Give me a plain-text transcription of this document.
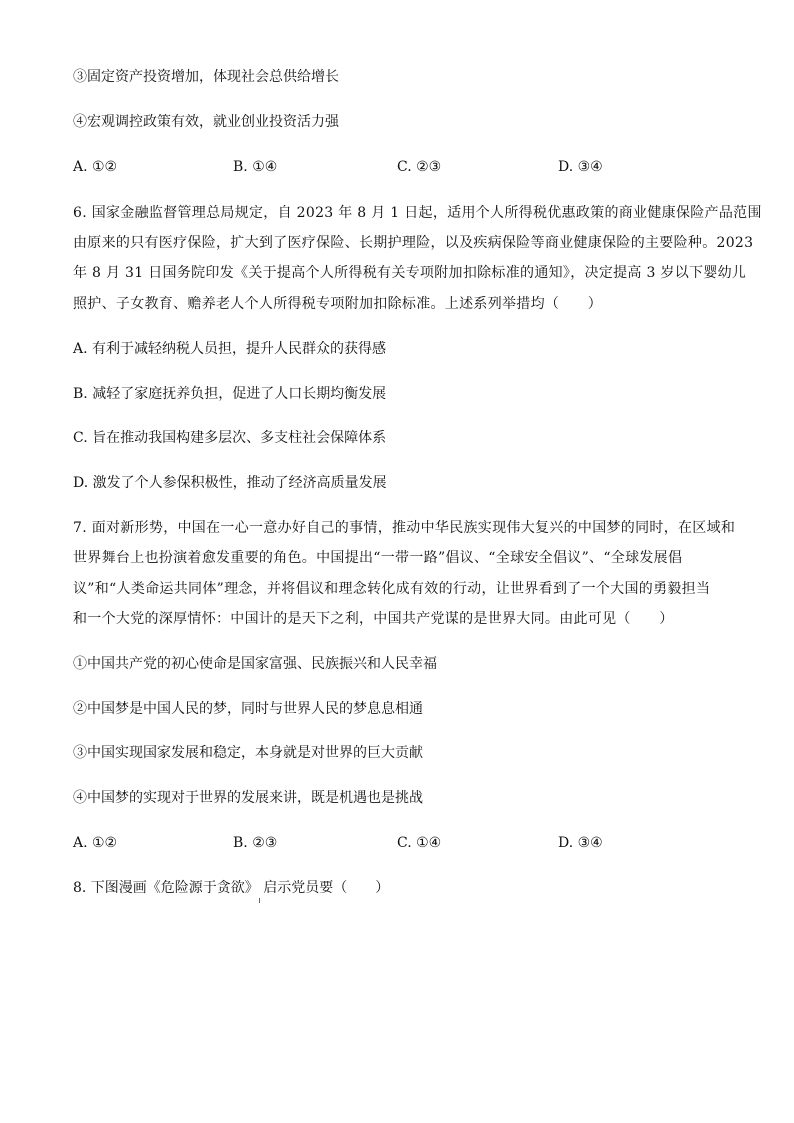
③固定资产投资增加，体现社会总供给增长
④宏观调控政策有效，就业创业投资活力强
A. ①②	B. ①④	C. ②③	D. ③④
6. 国家金融监督管理总局规定，自 2023 年 8 月 1 日起，适用个人所得税优惠政策的商业健康保险产品范围
由原来的只有医疗保险，扩大到了医疗保险、长期护理险，以及疾病保险等商业健康保险的主要险种。2023
年 8 月 31 日国务院印发《关于提高个人所得税有关专项附加扣除标准的通知》，决定提高 3 岁以下婴幼儿
照护、子女教育、赡养老人个人所得税专项附加扣除标准。上述系列举措均（　　）
A. 有利于减轻纳税人员担，提升人民群众的获得感
B. 减轻了家庭抚养负担，促进了人口长期均衡发展
C. 旨在推动我国构建多层次、多支柱社会保障体系
D. 激发了个人参保积极性，推动了经济高质量发展
7. 面对新形势，中国在一心一意办好自己的事情，推动中华民族实现伟大复兴的中国梦的同时，在区域和
世界舞台上也扮演着愈发重要的角色。中国提出“一带一路”倡议、“全球安全倡议”、“全球发展倡
议”和“人类命运共同体”理念，并将倡议和理念转化成有效的行动，让世界看到了一个大国的勇毅担当
和一个大党的深厚情怀：中国计的是天下之利，中国共产党谋的是世界大同。由此可见（　　）
①中国共产党的初心使命是国家富强、民族振兴和人民幸福
②中国梦是中国人民的梦，同时与世界人民的梦息息相通
③中国实现国家发展和稳定，本身就是对世界的巨大贡献
④中国梦的实现对于世界的发展来讲，既是机遇也是挑战
A. ①②	B. ②③	C. ①④	D. ③④
8. 下图漫画《危险源于贪欲》 启示党员要（　　）
